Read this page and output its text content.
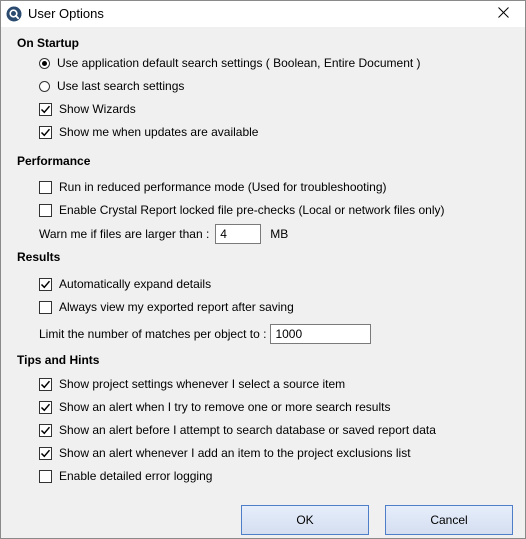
User Options
On Startup
Use application default search settings ( Boolean, Entire Document )
Use last search settings
Show Wizards
Show me when updates are available
Performance
Run in reduced performance mode (Used for troubleshooting)
Enable Crystal Report locked file pre-checks (Local or network files only)
Warn me if files are larger than :
4	MB
Results
Automatically expand details
Always view my exported report after saving
Limit the number of matches per object to :
1000
Tips and Hints
Show project settings whenever I select a source item
Show an alert when I try to remove one or more search results
Show an alert before I attempt to search database or saved report data
Show an alert whenever I add an item to the project exclusions list
Enable detailed error logging
OK	Cancel
